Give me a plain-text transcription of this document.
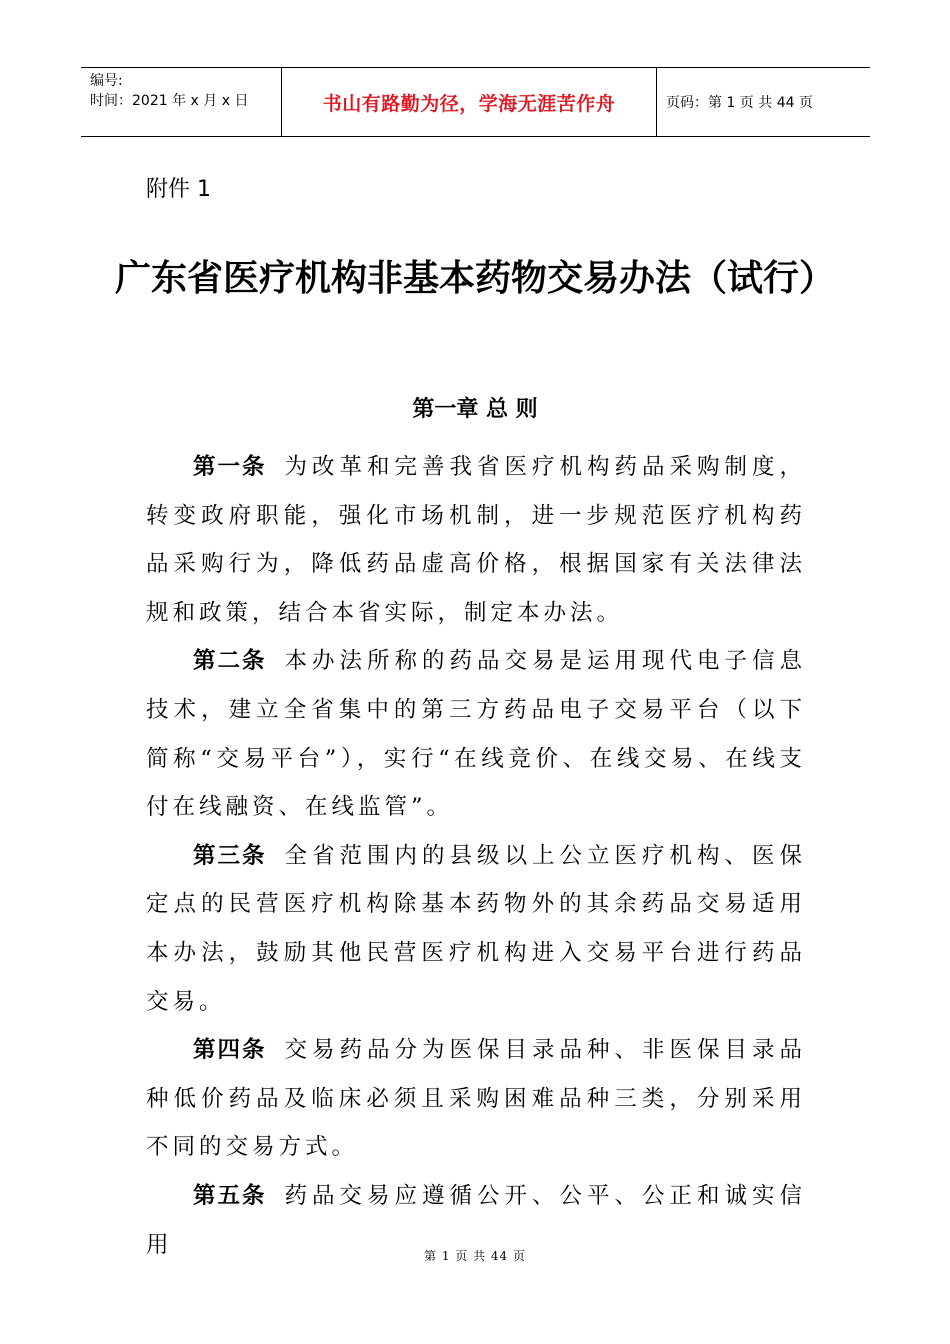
编号:
时间：2021 年 x 月 x 日	书山有路勤为径，学海无涯苦作舟	页码：第 1 页 共 44 页
附件 1
广东省医疗机构非基本药物交易办法（试行）
第一章 总 则

第一条 为改革和完善我省医疗机构药品采购制度，转变政府职能，强化市场机制，进一步规范医疗机构药品采购行为，降低药品虚高价格，根据国家有关法律法规和政策，结合本省实际，制定本办法。

第二条 本办法所称的药品交易是运用现代电子信息技术，建立全省集中的第三方药品电子交易平台（以下简称“交易平台”），实行“在线竞价、在线交易、在线支付在线融资、在线监管”。

第三条 全省范围内的县级以上公立医疗机构、医保定点的民营医疗机构除基本药物外的其余药品交易适用本办法，鼓励其他民营医疗机构进入交易平台进行药品交易。

第四条 交易药品分为医保目录品种、非医保目录品种低价药品及临床必须且采购困难品种三类，分别采用不同的交易方式。

第五条 药品交易应遵循公开、公平、公正和诚实信用	第 1 页 共 44 页
